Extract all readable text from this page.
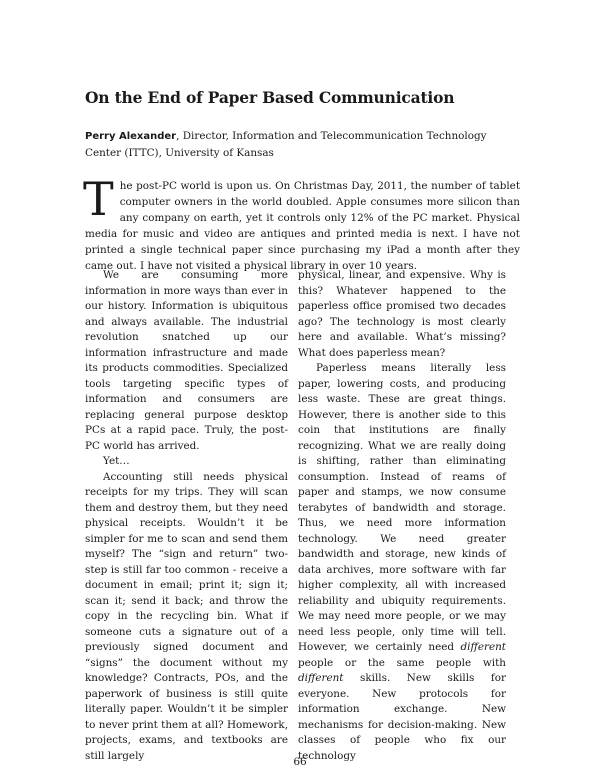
On the End of Paper Based Communication

Perry Alexander, Director, Information and Telecommunication Technology Center (ITTC), University of Kansas

The post-PC world is upon us. On Christmas Day, 2011, the number of tablet computer owners in the world doubled. Apple consumes more silicon than any company on earth, yet it controls only 12% of the PC market. Physical media for music and video are antiques and printed media is next. I have not printed a single technical paper since purchasing my iPad a month after they came out. I have not visited a physical library in over 10 years.

We are consuming more information in more ways than ever in our history. Information is ubiquitous and always available. The industrial revolution snatched up our information infrastructure and made its products commodities. Specialized tools targeting specific types of information and consumers are replacing general purpose desktop PCs at a rapid pace. Truly, the post-PC world has arrived.

Yet…

Accounting still needs physical receipts for my trips. They will scan them and destroy them, but they need physical receipts. Wouldn’t it be simpler for me to scan and send them myself? The “sign and return” two-step is still far too common - receive a document in email; print it; sign it; scan it; send it back; and throw the copy in the recycling bin. What if someone cuts a signature out of a previously signed document and “signs” the document without my knowledge? Contracts, POs, and the paperwork of business is still quite literally paper. Wouldn’t it be simpler to never print them at all? Homework, projects, exams, and textbooks are still largely

physical, linear, and expensive. Why is this? Whatever happened to the paperless office promised two decades ago? The technology is most clearly here and available. What’s missing? What does paperless mean?

Paperless means literally less paper, lowering costs, and producing less waste. These are great things. However, there is another side to this coin that institutions are finally recognizing. What we are really doing is shifting, rather than eliminating consumption. Instead of reams of paper and stamps, we now consume terabytes of bandwidth and storage. Thus, we need more information technology. We need greater bandwidth and storage, new kinds of data archives, more software with far higher complexity, all with increased reliability and ubiquity requirements. We may need more people, or we may need less people, only time will tell. However, we certainly need different people or the same people with different skills. New skills for everyone. New protocols for information exchange. New mechanisms for decision-making. New classes of people who fix our technology

66
